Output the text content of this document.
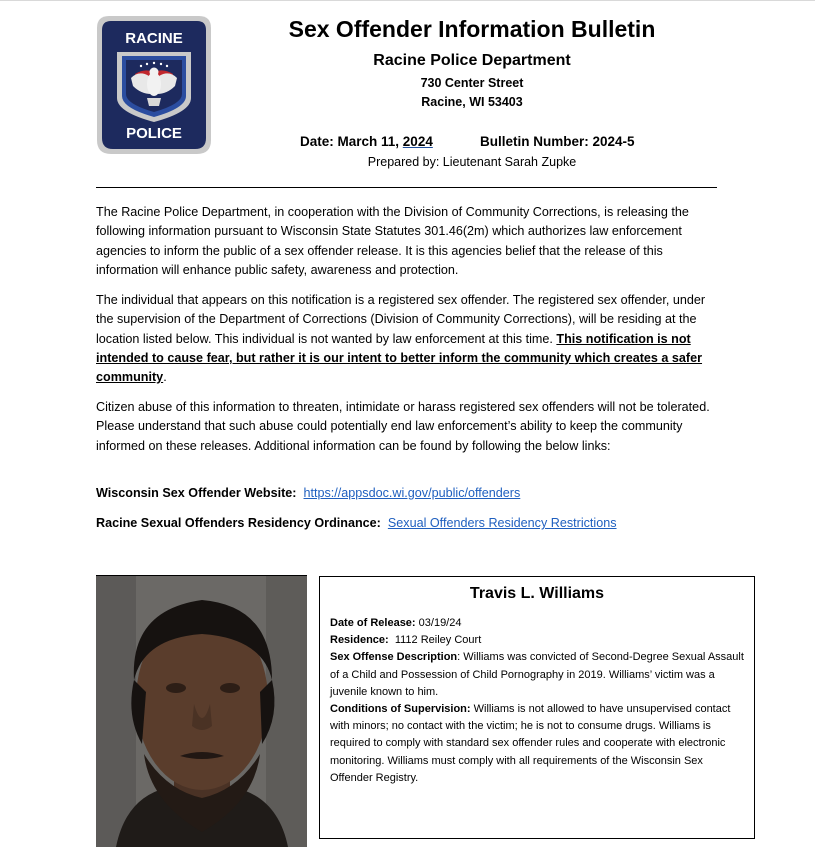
RACINE
POLICE
Sex Offender Information Bulletin
Racine Police Department
730 Center Street
Racine, WI 53403
Date: March 11, 2024	Bulletin Number: 2024-5
Prepared by: Lieutenant Sarah Zupke
The Racine Police Department, in cooperation with the Division of Community Corrections, is releasing the following information pursuant to Wisconsin State Statutes 301.46(2m) which authorizes law enforcement agencies to inform the public of a sex offender release. It is this agencies belief that the release of this information will enhance public safety, awareness and protection.
The individual that appears on this notification is a registered sex offender. The registered sex offender, under the supervision of the Department of Corrections (Division of Community Corrections), will be residing at the location listed below. This individual is not wanted by law enforcement at this time. This notification is not intended to cause fear, but rather it is our intent to better inform the community which creates a safer community.
Citizen abuse of this information to threaten, intimidate or harass registered sex offenders will not be tolerated. Please understand that such abuse could potentially end law enforcement’s ability to keep the community informed on these releases. Additional information can be found by following the below links:
Wisconsin Sex Offender Website: https://appsdoc.wi.gov/public/offenders
Racine Sexual Offenders Residency Ordinance: Sexual Offenders Residency Restrictions
Travis L. Williams
Date of Release: 03/19/24
Residence: 1112 Reiley Court
Sex Offense Description: Williams was convicted of Second-Degree Sexual Assault of a Child and Possession of Child Pornography in 2019. Williams’ victim was a juvenile known to him.
Conditions of Supervision: Williams is not allowed to have unsupervised contact with minors; no contact with the victim; he is not to consume drugs. Williams is required to comply with standard sex offender rules and cooperate with electronic monitoring. Williams must comply with all requirements of the Wisconsin Sex Offender Registry.
